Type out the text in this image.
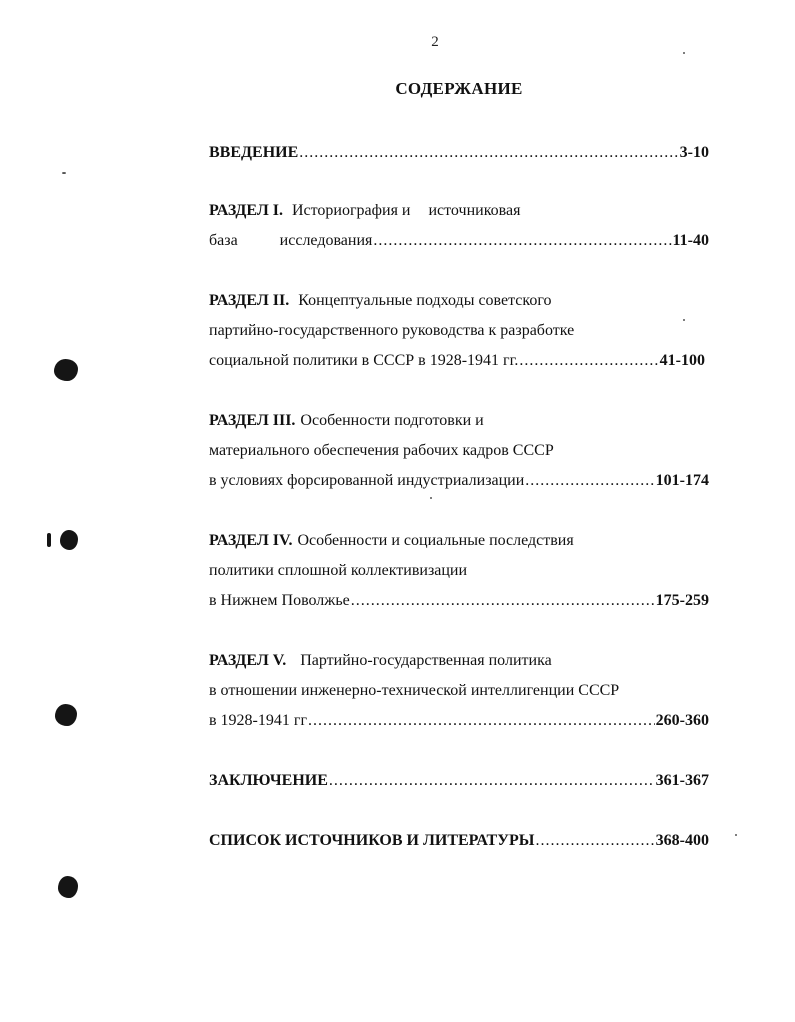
2
СОДЕРЖАНИЕ
ВВЕДЕНИЕ .....	3-10
РАЗДЕЛ I. Историография и источниковая
база	исследования .....	11-40
РАЗДЕЛ II. Концептуальные подходы советского
партийно-государственного руководства к разработке
социальной политики в СССР в 1928-1941 гг. .....	41-100
РАЗДЕЛ III. Особенности подготовки и
материального обеспечения рабочих кадров СССР
в условиях форсированной индустриализации .....	101-174
РАЗДЕЛ IV. Особенности и социальные последствия
политики сплошной коллективизации
в Нижнем Поволжье .....	175-259
РАЗДЕЛ V. Партийно-государственная политика
в отношении инженерно-технической интеллигенции СССР
в 1928-1941 гг .....	260-360
ЗАКЛЮЧЕНИЕ .....	361-367
СПИСОК ИСТОЧНИКОВ И ЛИТЕРАТУРЫ .....	368-400
